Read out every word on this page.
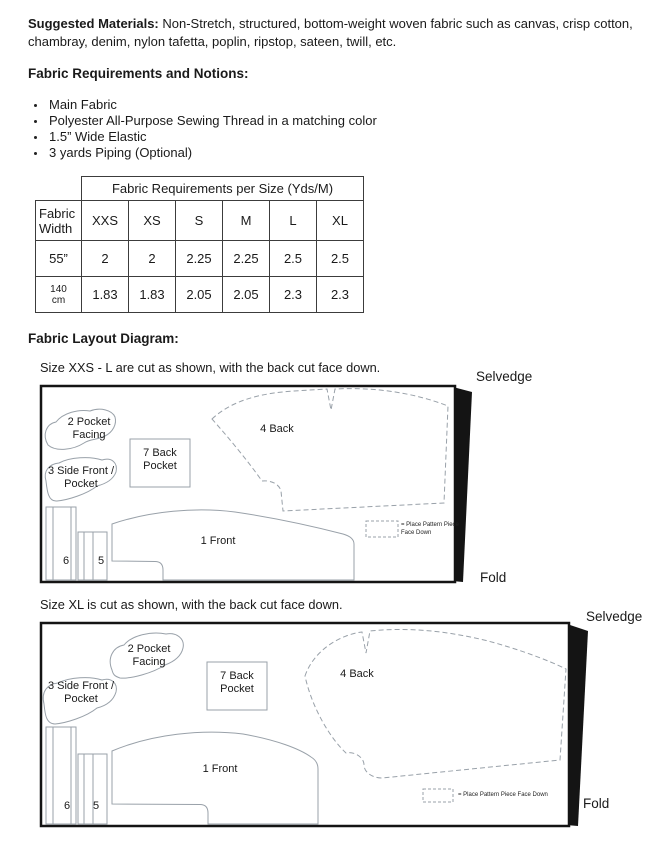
Suggested Materials: Non-Stretch, structured, bottom-weight woven fabric such as canvas, crisp cotton, chambray, denim, nylon tafetta, poplin, ripstop, sateen, twill, etc.

Fabric Requirements and Notions:
Main Fabric
Polyester All-Purpose Sewing Thread in a matching color
1.5” Wide Elastic
3 yards Piping (Optional)
	Fabric Requirements per Size (Yds/M)					
Fabric Width	XXS	XS	S	M	L	XL
55”	2	2	2.25	2.25	2.5	2.5

140 cm	1.83	1.83	2.05	2.05	2.3	2.3
Fabric Layout Diagram:
Size XXS - L are cut as shown, with the back cut face down.
2 Pocket Facing
3 Side Front / Pocket
7 Back Pocket
4 Back
1 Front
6	5
= Place Pattern Piece Face Down
Selvedge
Fold
Size XL is cut as shown, with the back cut face down.
2 Pocket Facing
3 Side Front / Pocket
7 Back Pocket
4 Back
1 Front
6	5
= Place Pattern Piece Face Down
Selvedge
Fold
